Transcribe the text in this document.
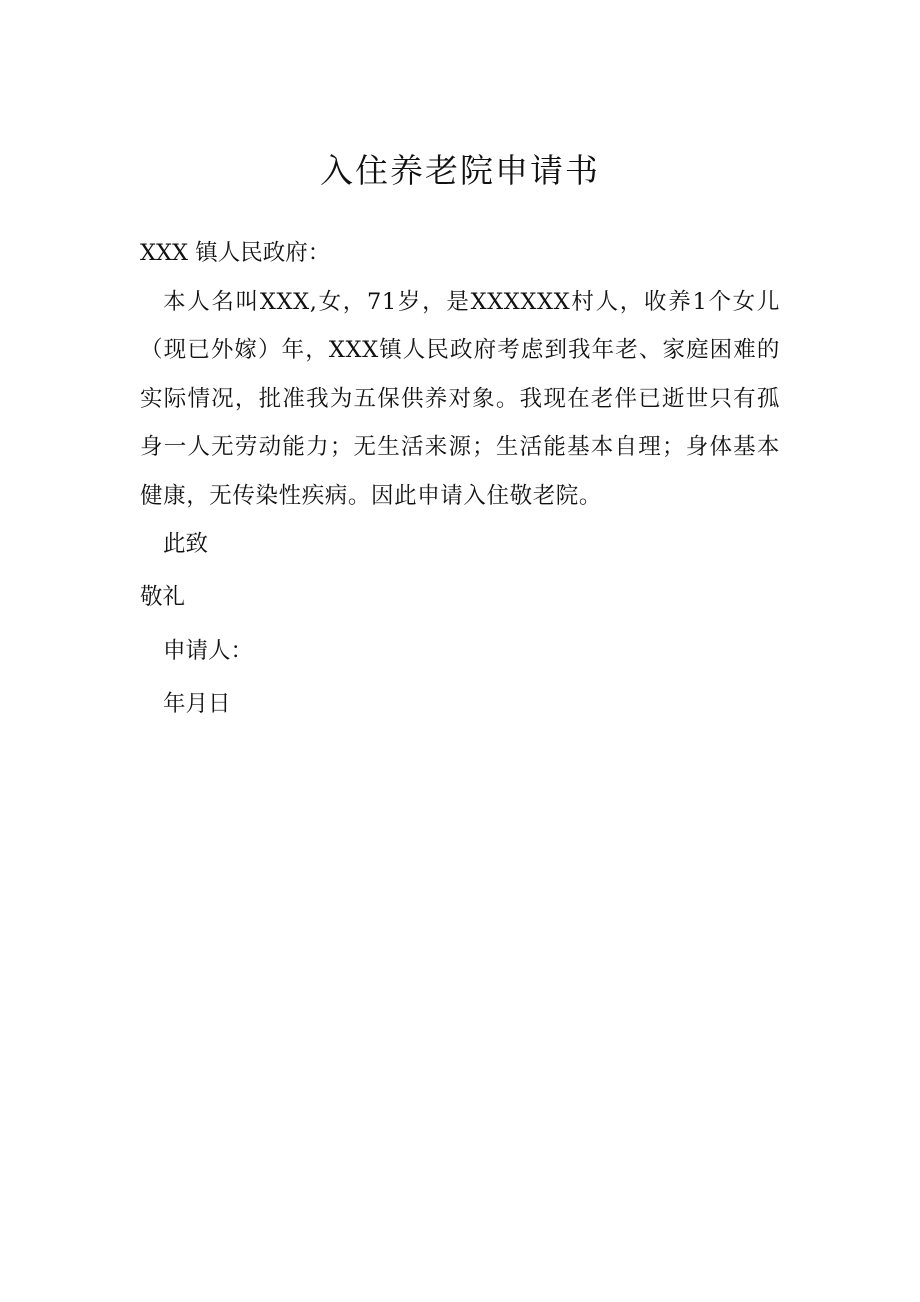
入住养老院申请书

XXX 镇人民政府：

本人名叫XXX,女，71岁，是XXXXXX村人，收养1个女儿（现已外嫁）年，XXX镇人民政府考虑到我年老、家庭困难的实际情况，批准我为五保供养对象。我现在老伴已逝世只有孤身一人无劳动能力；无生活来源；生活能基本自理；身体基本健康，无传染性疾病。因此申请入住敬老院。

此致

敬礼

申请人：

年月日
